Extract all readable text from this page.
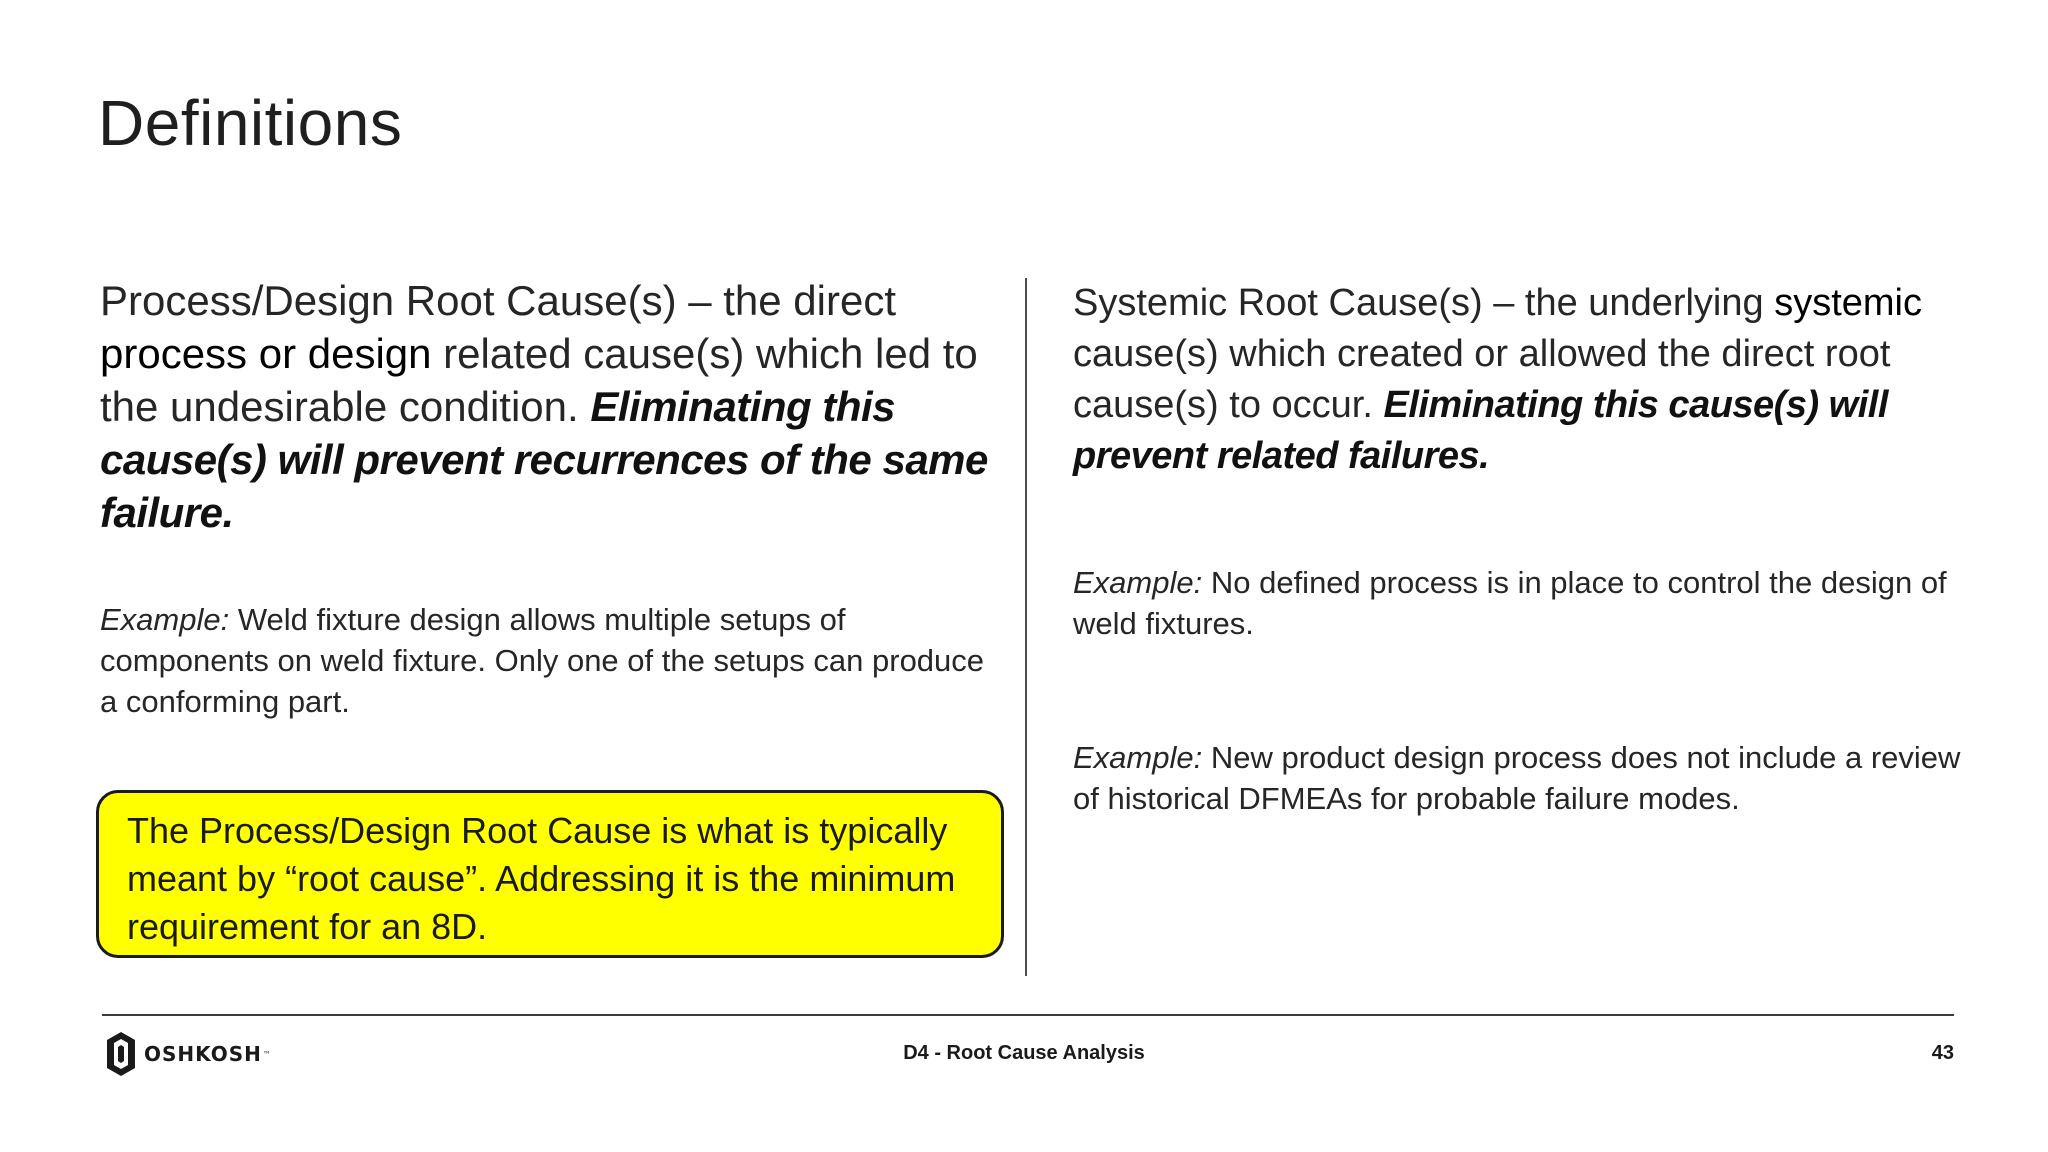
Definitions
Process/Design Root Cause(s) – the direct process or design related cause(s) which led to the undesirable condition. Eliminating this cause(s) will prevent recurrences of the same failure.
Example: Weld fixture design allows multiple setups of components on weld fixture. Only one of the setups can produce a conforming part.
The Process/Design Root Cause is what is typically meant by “root cause”. Addressing it is the minimum requirement for an 8D.
Systemic Root Cause(s) – the underlying systemic cause(s) which created or allowed the direct root cause(s) to occur. Eliminating this cause(s) will prevent related failures.
Example: No defined process is in place to control the design of weld fixtures.
Example: New product design process does not include a review of historical DFMEAs for probable failure modes.
OSHKOSH ™	D4 - Root Cause Analysis	43
